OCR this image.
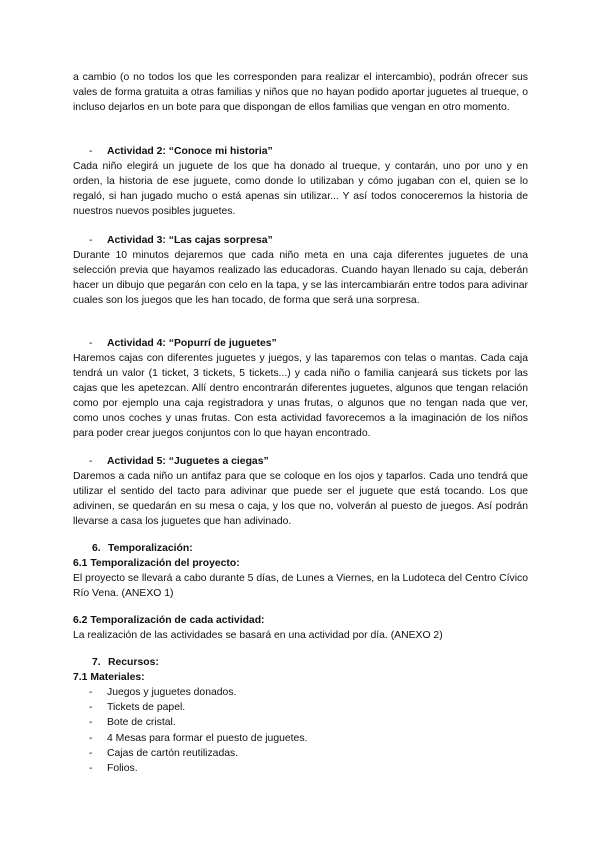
a cambio (o no todos los que les corresponden para realizar el intercambio), podrán ofrecer sus vales de forma gratuita a otras familias y niños que no hayan podido aportar juguetes al trueque, o incluso dejarlos en un bote para que dispongan de ellos familias que vengan en otro momento.

- Actividad 2: “Conoce mi historia”

Cada niño elegirá un juguete de los que ha donado al trueque, y contarán, uno por uno y en orden, la historia de ese juguete, como donde lo utilizaban y cómo jugaban con el, quien se lo regaló, si han jugado mucho o está apenas sin utilizar... Y así todos conoceremos la historia de nuestros nuevos posibles juguetes.

- Actividad 3: “Las cajas sorpresa”

Durante 10 minutos dejaremos que cada niño meta en una caja diferentes juguetes de una selección previa que hayamos realizado las educadoras. Cuando hayan llenado su caja, deberán hacer un dibujo que pegarán con celo en la tapa, y se las intercambiarán entre todos para adivinar cuales son los juegos que les han tocado, de forma que será una sorpresa.

- Actividad 4: “Popurrí de juguetes”

Haremos cajas con diferentes juguetes y juegos, y las taparemos con telas o mantas. Cada caja tendrá un valor (1 ticket, 3 tickets, 5 tickets...) y cada niño o familia canjeará sus tickets por las cajas que les apetezcan. Allí dentro encontrarán diferentes juguetes, algunos que tengan relación como por ejemplo una caja registradora y unas frutas, o algunos que no tengan nada que ver, como unos coches y unas frutas. Con esta actividad favorecemos a la imaginación de los niños para poder crear juegos conjuntos con lo que hayan encontrado.

- Actividad 5: “Juguetes a ciegas”

Daremos a cada niño un antifaz para que se coloque en los ojos y taparlos. Cada uno tendrá que utilizar el sentido del tacto para adivinar que puede ser el juguete que está tocando. Los que adivinen, se quedarán en su mesa o caja, y los que no, volverán al puesto de juegos. Así podrán llevarse a casa los juguetes que han adivinado.

6. Temporalización:
6.1 Temporalización del proyecto:

El proyecto se llevará a cabo durante 5 días, de Lunes a Viernes, en la Ludoteca del Centro Cívico Río Vena. (ANEXO 1)

6.2 Temporalización de cada actividad:

La realización de las actividades se basará en una actividad por día. (ANEXO 2)

7. Recursos:
7.1 Materiales:
- Juegos y juguetes donados.
- Tickets de papel.
- Bote de cristal.
- 4 Mesas para formar el puesto de juguetes.
- Cajas de cartón reutilizadas.
- Folios.
